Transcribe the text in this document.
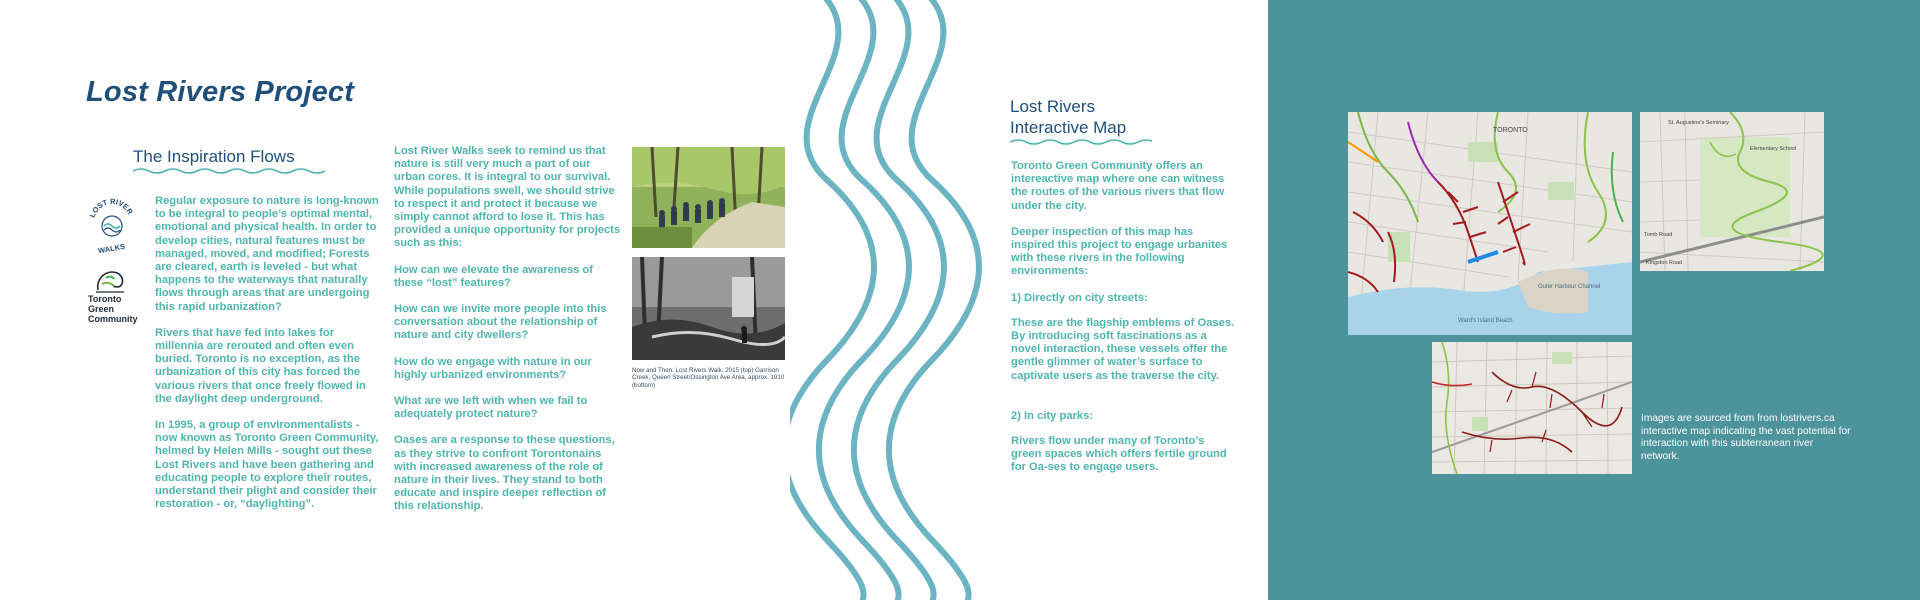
Lost Rivers Project
The Inspiration Flows
LOST RIVER
WALKS
Toronto
Green
Community

Regular exposure to nature is long-known to be integral to people’s optimal mental, emotional and physical health. In order to develop cities, natural features must be managed, moved, and modified; Forests are cleared, earth is leveled - but what happens to the waterways that naturally flows through areas that are undergoing this rapid urbanization?

Rivers that have fed into lakes for millennia are rerouted and often even buried. Toronto is no exception, as the urbanization of this city has forced the various rivers that once freely flowed in the daylight deep underground.

In 1995, a group of environmentalists - now known as Toronto Green Community, helmed by Helen Mills - sought out these Lost Rivers and have been gathering and educating people to explore their routes, understand their plight and consider their restoration - or, “daylighting”.

Lost River Walks seek to remind us that nature is still very much a part of our urban cores. It is integral to our survival. While populations swell, we should strive to respect it and protect it because we simply cannot afford to lose it. This has provided a unique opportunity for projects such as this:

How can we elevate the awareness of these “lost” features?

How can we invite more people into this conversation about the relationship of nature and city dwellers?

How do we engage with nature in our highly urbanized environments?

What are we left with when we fail to adequately protect nature?

Oases are a response to these questions, as they strive to confront Torontonains with increased awareness of the role of nature in their lives. They stand to both educate and inspire deeper reflection of this relationship.

Now and Then: Lost Rivers Walk, 2015 (top) Garrison Creek, Queen Street/Ossington Ave Area, approx. 1910 (bottom)
Lost Rivers
Interactive Map

Toronto Green Community offers an intereactive map where one can witness the routes of the various rivers that flow under the city.

Deeper inspection of this map has inspired this project to engage urbanites with these rivers in the following environments:

1) Directly on city streets:

These are the flagship emblems of Oases. By introducing soft fascinations as a novel interaction, these vessels offer the gentle glimmer of water’s surface to captivate users as the traverse the city.

2) In city parks:

Rivers flow under many of Toronto’s green spaces which offers fertile ground for Oa-ses to engage users.

TORONTO
Outer Harbour Channel
Ward's Island Beach
St. Augustine's Seminary
Elementary School
Tomb Road
Kingston Road
Images are sourced from from lostrivers.ca interactive map indicating the vast potential for interaction with this subterranean river network.
